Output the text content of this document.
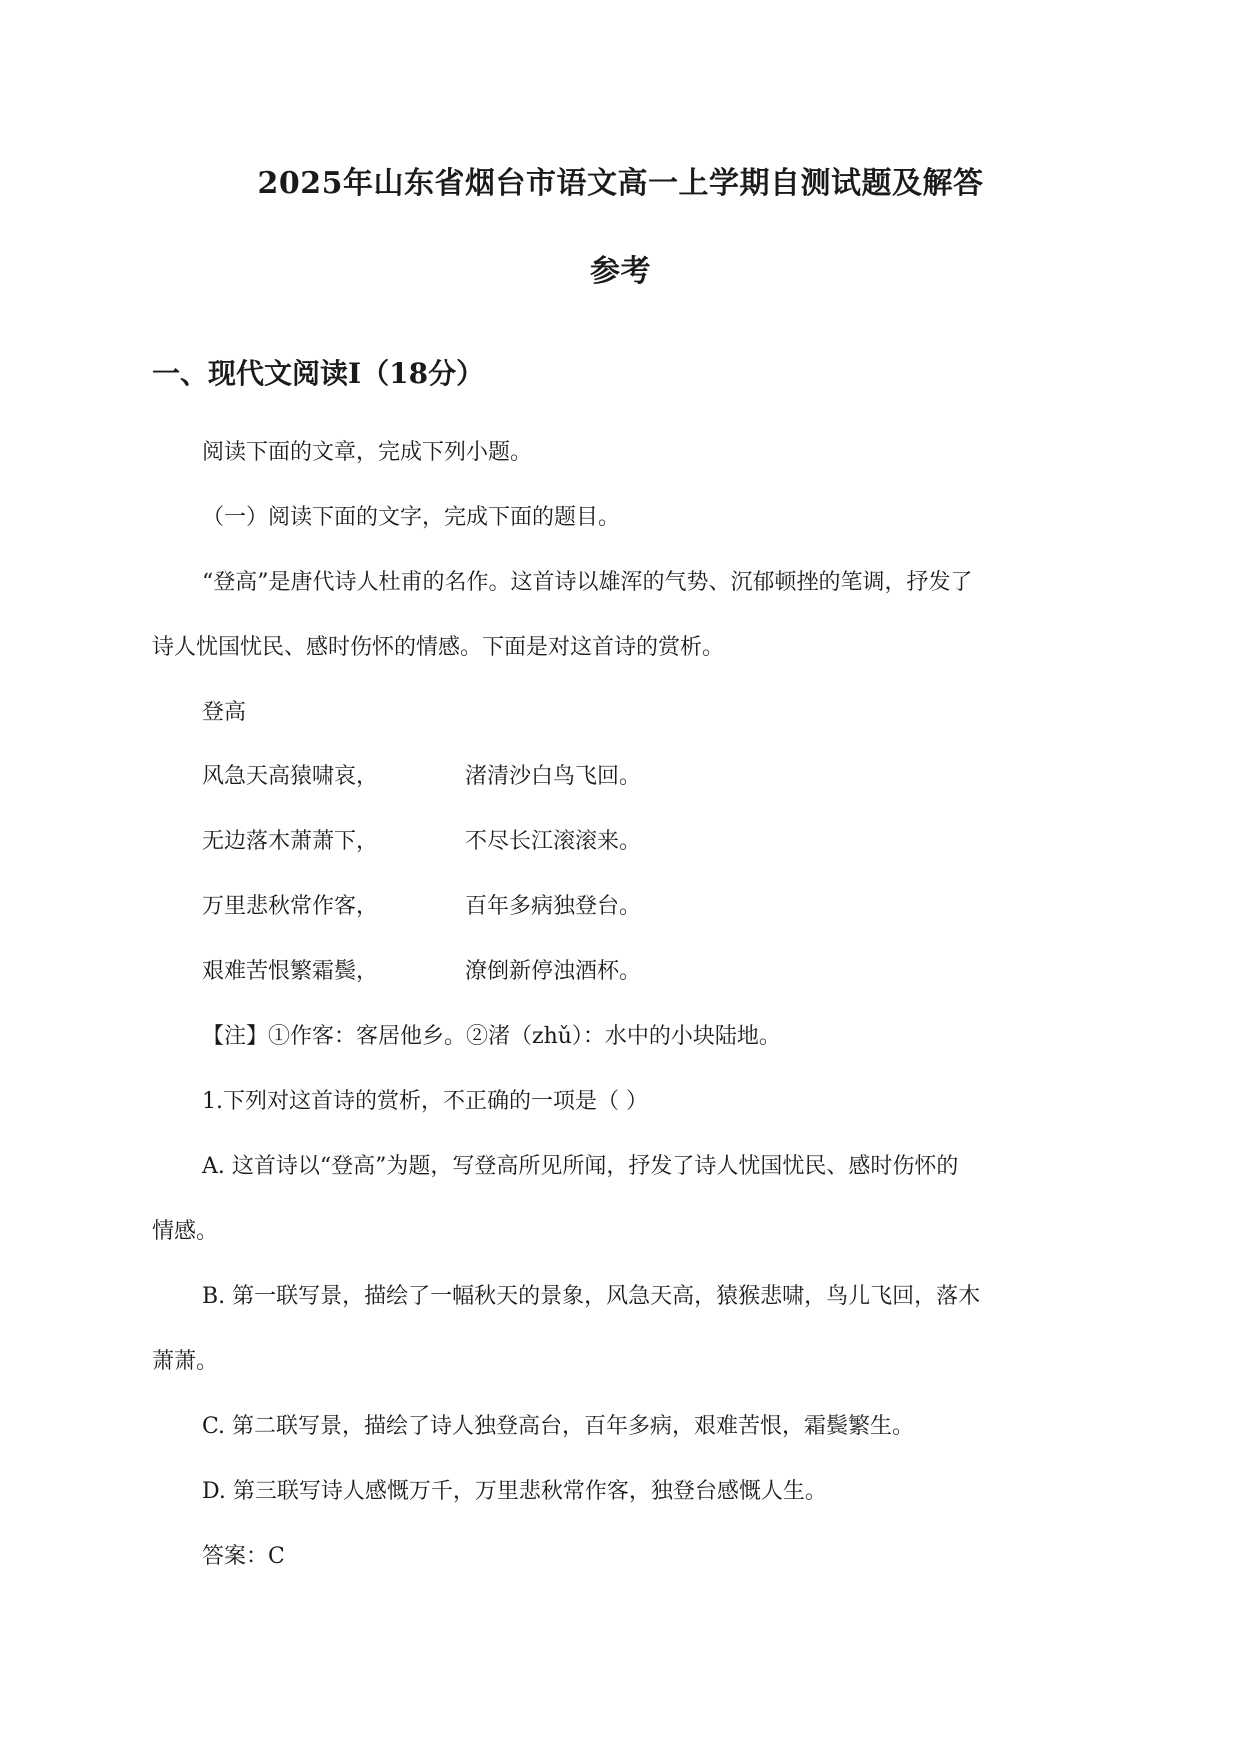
2025年山东省烟台市语文高一上学期自测试题及解答
参考
一、现代文阅读Ⅰ（18分）
阅读下面的文章，完成下列小题。
（一）阅读下面的文字，完成下面的题目。
“登高”是唐代诗人杜甫的名作。这首诗以雄浑的气势、沉郁顿挫的笔调，抒发了
诗人忧国忧民、感时伤怀的情感。下面是对这首诗的赏析。
登高
风急天高猿啸哀，	渚清沙白鸟飞回。
无边落木萧萧下，	不尽长江滚滚来。
万里悲秋常作客，	百年多病独登台。
艰难苦恨繁霜鬓，	潦倒新停浊酒杯。
【注】①作客：客居他乡。②渚（zhǔ）：水中的小块陆地。
1.下列对这首诗的赏析，不正确的一项是（ ）
A. 这首诗以“登高”为题，写登高所见所闻，抒发了诗人忧国忧民、感时伤怀的
情感。
B. 第一联写景，描绘了一幅秋天的景象，风急天高，猿猴悲啸，鸟儿飞回，落木
萧萧。
C. 第二联写景，描绘了诗人独登高台，百年多病，艰难苦恨，霜鬓繁生。
D. 第三联写诗人感慨万千，万里悲秋常作客，独登台感慨人生。
答案：C
